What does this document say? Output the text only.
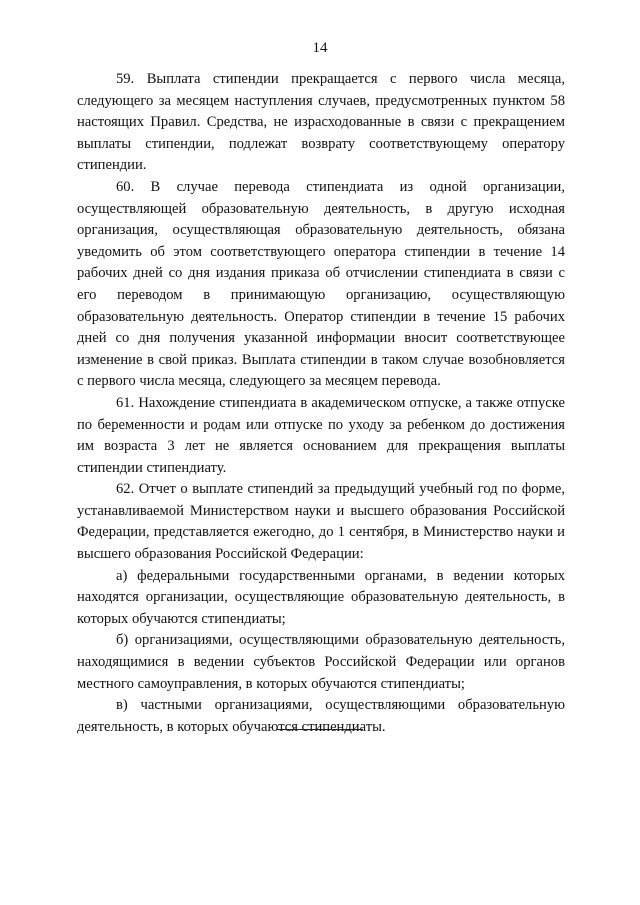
14

59. Выплата стипендии прекращается с первого числа месяца, следующего за месяцем наступления случаев, предусмотренных пунктом 58 настоящих Правил. Средства, не израсходованные в связи с прекращением выплаты стипендии, подлежат возврату соответствующему оператору стипендии.

60. В случае перевода стипендиата из одной организации, осуществляющей образовательную деятельность, в другую исходная организация, осуществляющая образовательную деятельность, обязана уведомить об этом соответствующего оператора стипендии в течение 14 рабочих дней со дня издания приказа об отчислении стипендиата в связи с его переводом в принимающую организацию, осуществляющую образовательную деятельность. Оператор стипендии в течение 15 рабочих дней со дня получения указанной информации вносит соответствующее изменение в свой приказ. Выплата стипендии в таком случае возобновляется с первого числа месяца, следующего за месяцем перевода.

61. Нахождение стипендиата в академическом отпуске, а также отпуске по беременности и родам или отпуске по уходу за ребенком до достижения им возраста 3 лет не является основанием для прекращения выплаты стипендии стипендиату.

62. Отчет о выплате стипендий за предыдущий учебный год по форме, устанавливаемой Министерством науки и высшего образования Российской Федерации, представляется ежегодно, до 1 сентября, в Министерство науки и высшего образования Российской Федерации:

а) федеральными государственными органами, в ведении которых находятся организации, осуществляющие образовательную деятельность, в которых обучаются стипендиаты;

б) организациями, осуществляющими образовательную деятельность, находящимися в ведении субъектов Российской Федерации или органов местного самоуправления, в которых обучаются стипендиаты;

в) частными организациями, осуществляющими образовательную деятельность, в которых обучаются стипендиаты.
